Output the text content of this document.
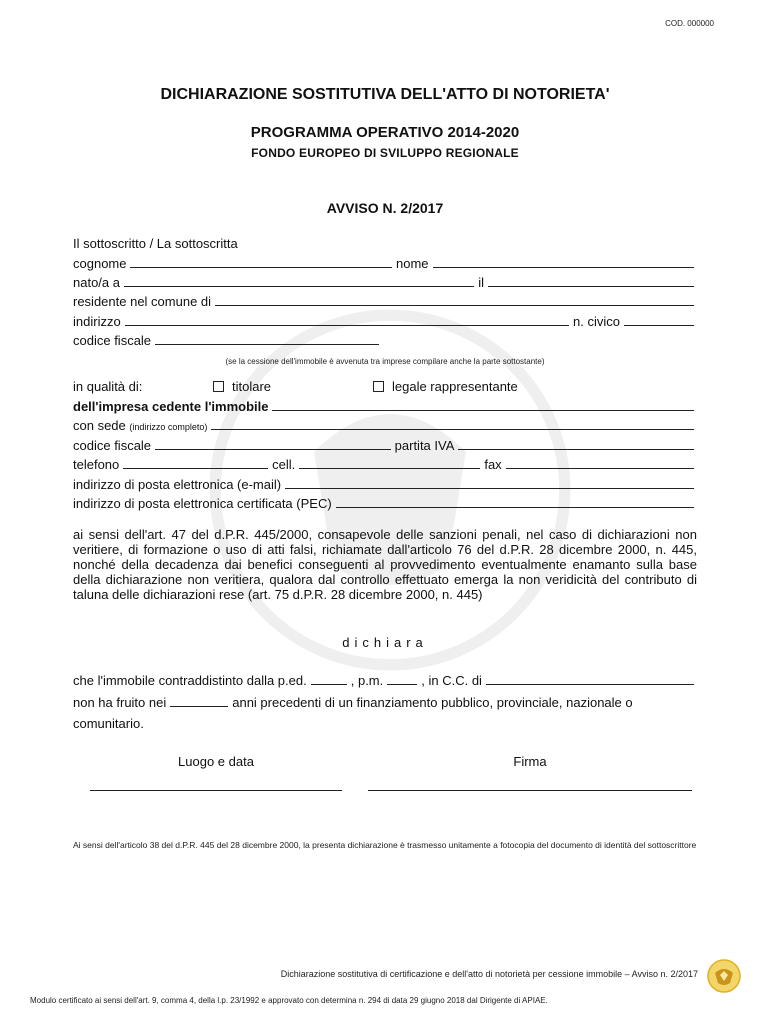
COD. 000000
DICHIARAZIONE SOSTITUTIVA DELL'ATTO DI NOTORIETA'
PROGRAMMA OPERATIVO 2014-2020
FONDO EUROPEO DI SVILUPPO REGIONALE
AVVISO N. 2/2017
Il sottoscritto / La sottoscritta
cognome	nome
nato/a a	il
residente nel comune di
indirizzo	n. civico
codice fiscale
(se la cessione dell'immobile è avvenuta tra imprese compilare anche la parte sottostante)
in qualità di:	titolare	legale rappresentante
dell'impresa cedente l'immobile
con sede
(indirizzo completo)
codice fiscale	partita IVA
telefono	cell.	fax
indirizzo di posta elettronica (e-mail)
indirizzo di posta elettronica certificata (PEC)
ai sensi dell'art. 47 del d.P.R. 445/2000, consapevole delle sanzioni penali, nel caso di dichiarazioni non veritiere, di formazione o uso di atti falsi, richiamate dall'articolo 76 del d.P.R. 28 dicembre 2000, n. 445, nonché della decadenza dai benefici conseguenti al provvedimento eventualmente enamanto sulla base della dichiarazione non veritiera, qualora dal controllo effettuato emerga la non veridicità del contributo di taluna delle dichiarazioni rese (art. 75 d.P.R. 28 dicembre 2000, n. 445)
dichiara
che l'immobile contraddistinto dalla p.ed.	, p.m.	, in C.C. di
non ha fruito nei	anni precedenti di un finanziamento pubblico, provinciale, nazionale o
comunitario.
Luogo e data	Firma
Ai sensi dell'articolo 38 del d.P.R. 445 del 28 dicembre 2000, la presenta dichiarazione è trasmesso unitamente a fotocopia del documento di identità del sottoscrittore
Dichiarazione sostitutiva di certificazione e dell'atto di notorietà per cessione immobile – Avviso n. 2/2017
Modulo certificato ai sensi dell'art. 9, comma 4, della l.p. 23/1992 e approvato con determina n. 294 di data 29 giugno 2018 dal Dirigente di APIAE.
